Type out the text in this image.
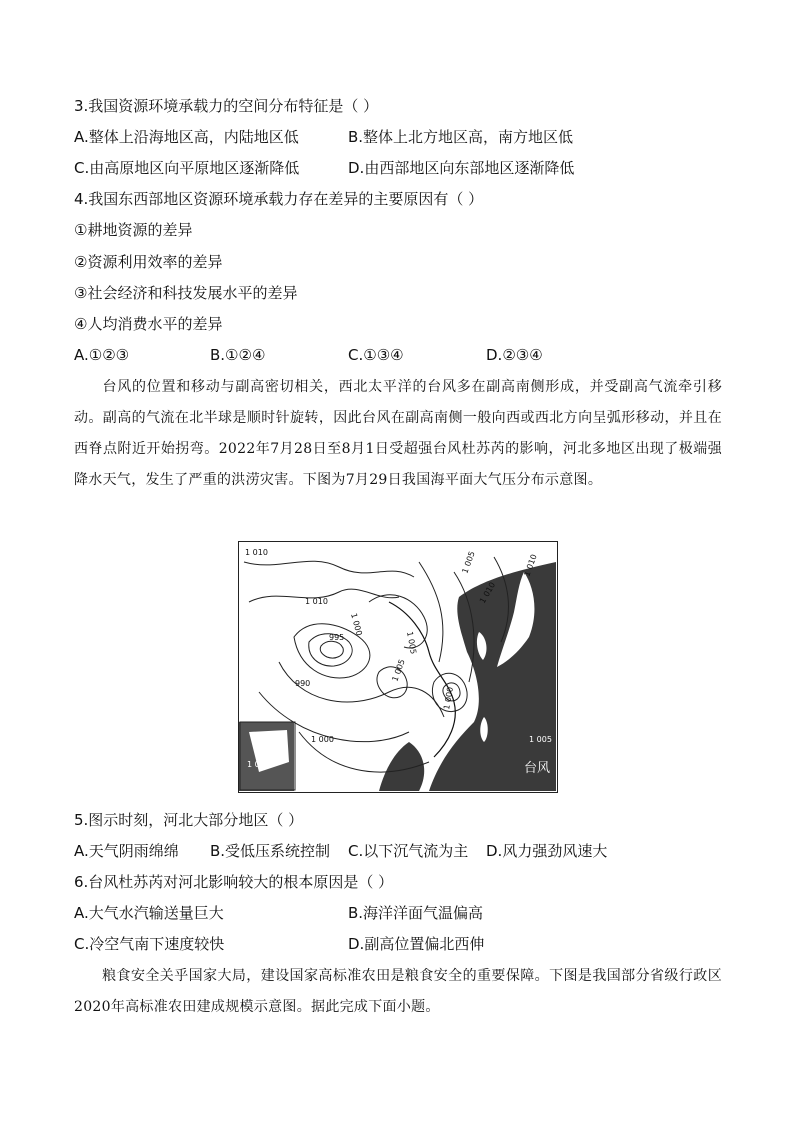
3.我国资源环境承载力的空间分布特征是（ ）
A.整体上沿海地区高，内陆地区低	B.整体上北方地区高，南方地区低
C.由高原地区向平原地区逐渐降低	D.由西部地区向东部地区逐渐降低
4.我国东西部地区资源环境承载力存在差异的主要原因有（ ）
①耕地资源的差异
②资源利用效率的差异
③社会经济和科技发展水平的差异
④人均消费水平的差异
A.①②③	B.①②④	C.①③④	D.②③④
台风的位置和移动与副高密切相关，西北太平洋的台风多在副高南侧形成，并受副高气流牵引移动。副高的气流在北半球是顺时针旋转，因此台风在副高南侧一般向西或西北方向呈弧形移动，并且在西脊点附近开始拐弯。2022年7月28日至8月1日受超强台风杜苏芮的影响，河北多地区出现了极端强降水天气，发生了严重的洪涝灾害。下图为7月29日我国海平面大气压分布示意图。
1 010	1 005
1 010
1 000
1 005
995
990
1 005
1 010
1 000
1 000
1 005
1 010
1 010	台风
5.图示时刻，河北大部分地区（ ）
A.天气阴雨绵绵 B.受低压系统控制 C.以下沉气流为主 D.风力强劲风速大
6.台风杜苏芮对河北影响较大的根本原因是（ ）
A.大气水汽输送量巨大	B.海洋洋面气温偏高
C.冷空气南下速度较快	D.副高位置偏北西伸
粮食安全关乎国家大局，建设国家高标准农田是粮食安全的重要保障。下图是我国部分省级行政区2020年高标准农田建成规模示意图。据此完成下面小题。
